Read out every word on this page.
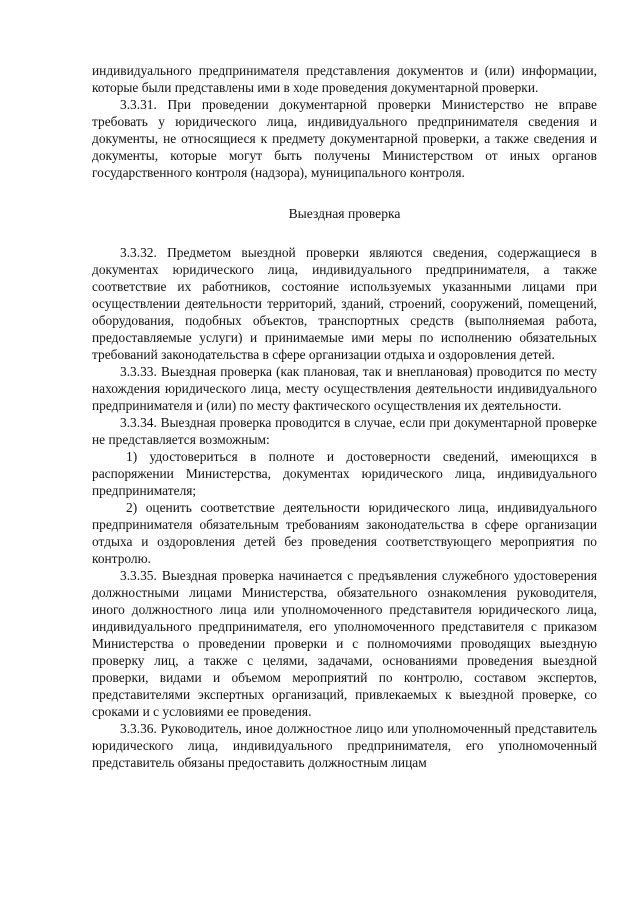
индивидуального предпринимателя представления документов и (или) информации, которые были представлены ими в ходе проведения документарной проверки.

3.3.31. При проведении документарной проверки Министерство не вправе требовать у юридического лица, индивидуального предпринимателя сведения и документы, не относящиеся к предмету документарной проверки, а также сведения и документы, которые могут быть получены Министерством от иных органов государственного контроля (надзора), муниципального контроля.

Выездная проверка

3.3.32. Предметом выездной проверки являются сведения, содержащиеся в документах юридического лица, индивидуального предпринимателя, а также соответствие их работников, состояние используемых указанными лицами при осуществлении деятельности территорий, зданий, строений, сооружений, помещений, оборудования, подобных объектов, транспортных средств (выполняемая работа, предоставляемые услуги) и принимаемые ими меры по исполнению обязательных требований законодательства в сфере организации отдыха и оздоровления детей.

3.3.33. Выездная проверка (как плановая, так и внеплановая) проводится по месту нахождения юридического лица, месту осуществления деятельности индивидуального предпринимателя и (или) по месту фактического осуществления их деятельности.

3.3.34. Выездная проверка проводится в случае, если при документарной проверке не представляется возможным:

1) удостовериться в полноте и достоверности сведений, имеющихся в распоряжении Министерства, документах юридического лица, индивидуального предпринимателя;

2) оценить соответствие деятельности юридического лица, индивидуального предпринимателя обязательным требованиям законодательства в сфере организации отдыха и оздоровления детей без проведения соответствующего мероприятия по контролю.

3.3.35. Выездная проверка начинается с предъявления служебного удостоверения должностными лицами Министерства, обязательного ознакомления руководителя, иного должностного лица или уполномоченного представителя юридического лица, индивидуального предпринимателя, его уполномоченного представителя с приказом Министерства о проведении проверки и с полномочиями проводящих выездную проверку лиц, а также с целями, задачами, основаниями проведения выездной проверки, видами и объемом мероприятий по контролю, составом экспертов, представителями экспертных организаций, привлекаемых к выездной проверке, со сроками и с условиями ее проведения.

3.3.36. Руководитель, иное должностное лицо или уполномоченный представитель юридического лица, индивидуального предпринимателя, его уполномоченный представитель обязаны предоставить должностным лицам
